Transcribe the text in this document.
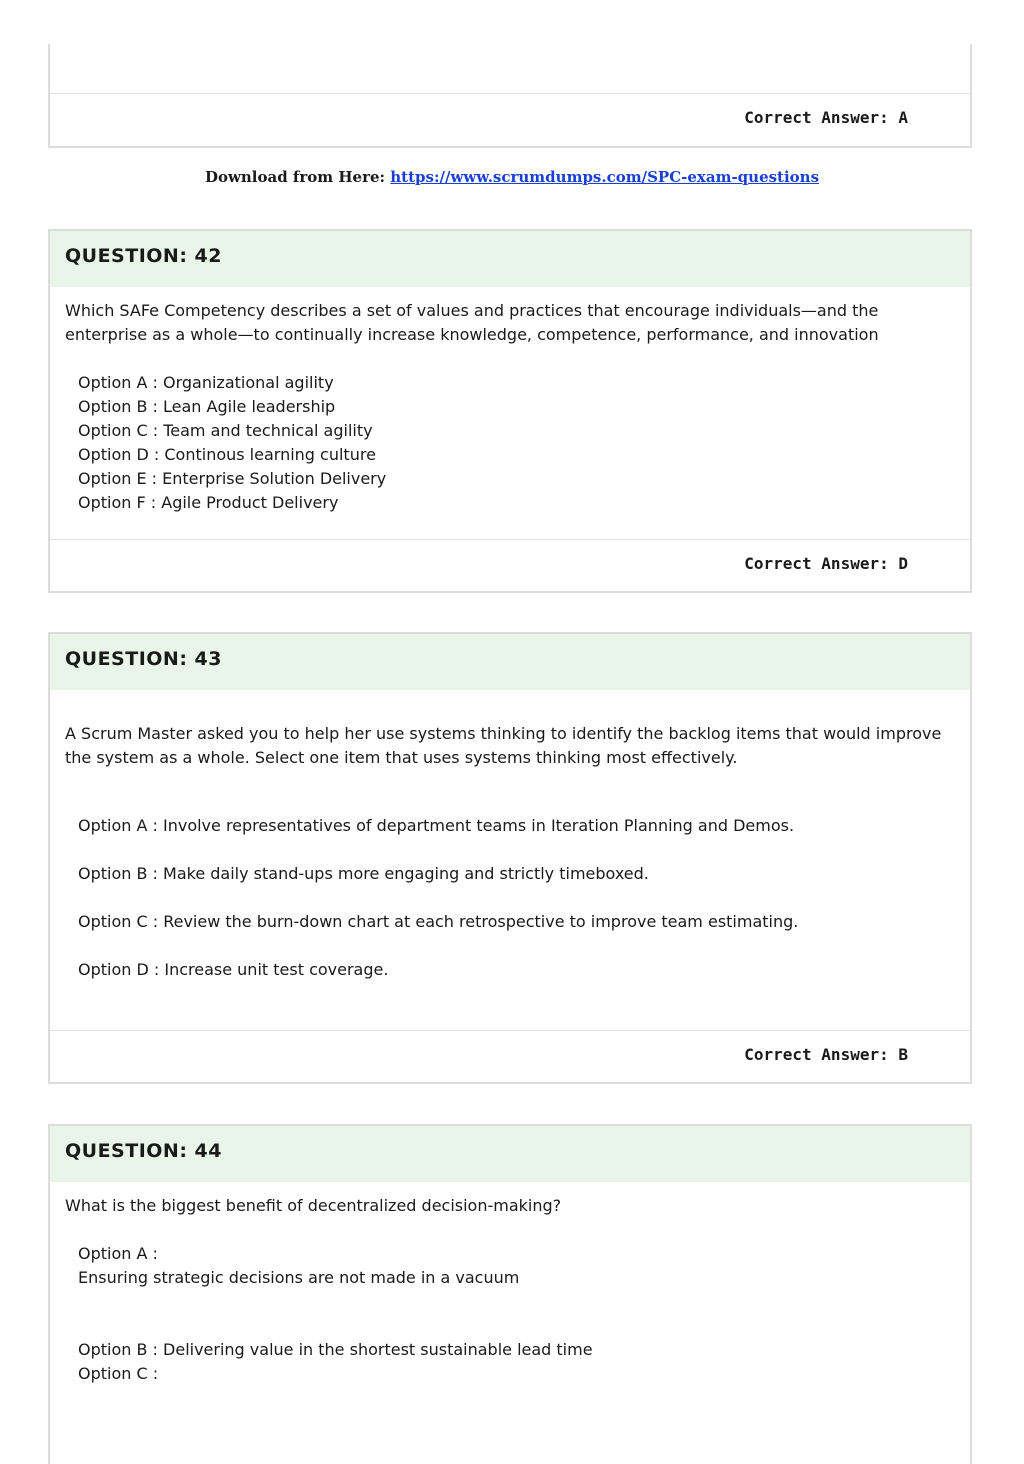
Correct Answer: A
Download from Here: https://www.scrumdumps.com/SPC-exam-questions
QUESTION: 42

Which SAFe Competency describes a set of values and practices that encourage individuals—and the enterprise as a whole—to continually increase knowledge, competence, performance, and innovation

Option A : Organizational agility
Option B : Lean Agile leadership
Option C : Team and technical agility
Option D : Continous learning culture
Option E : Enterprise Solution Delivery
Option F : Agile Product Delivery
Correct Answer: D
QUESTION: 43

A Scrum Master asked you to help her use systems thinking to identify the backlog items that would improve the system as a whole. Select one item that uses systems thinking most effectively.

Option A : Involve representatives of department teams in Iteration Planning and Demos.
Option B : Make daily stand-ups more engaging and strictly timeboxed.
Option C : Review the burn-down chart at each retrospective to improve team estimating.
Option D : Increase unit test coverage.
Correct Answer: B
QUESTION: 44

What is the biggest benefit of decentralized decision-making?

Option A :
Ensuring strategic decisions are not made in a vacuum
Option B : Delivering value in the shortest sustainable lead time
Option C :
